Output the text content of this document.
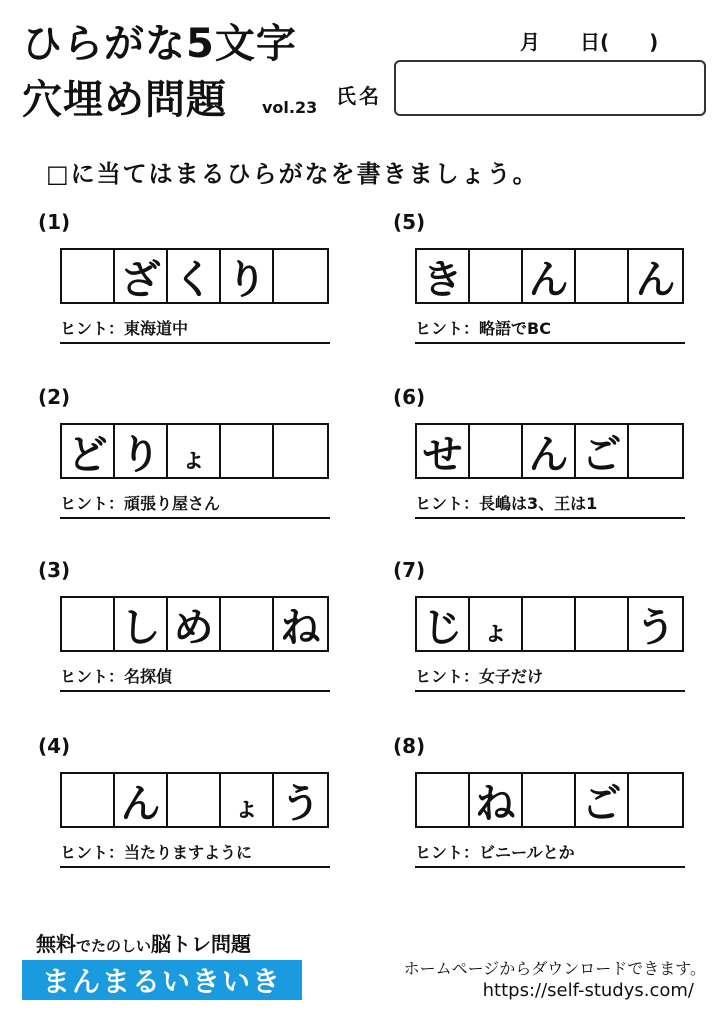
ひらがな5文字
穴埋め問題 vol.23
月　　日(　　)
氏名
□に当てはまるひらがなを書きましょう。
(1)
ざ く り
ヒント：東海道中
(2)
ど り ょ
ヒント：頑張り屋さん
(3)
し め ね
ヒント：名探偵
(4)
ん	ょ う
ヒント：当たりますように
(5)
き ん ん
ヒント：略語でBC
(6)
せ ん ご
ヒント：長嶋は3、王は1
(7)
じ ょ	う
ヒント：女子だけ
(8)
ね ご
ヒント：ビニールとか
無料でたのしい脳トレ問題
まんまるいきいき	ホームページからダウンロードできます。
https://self-studys.com/
